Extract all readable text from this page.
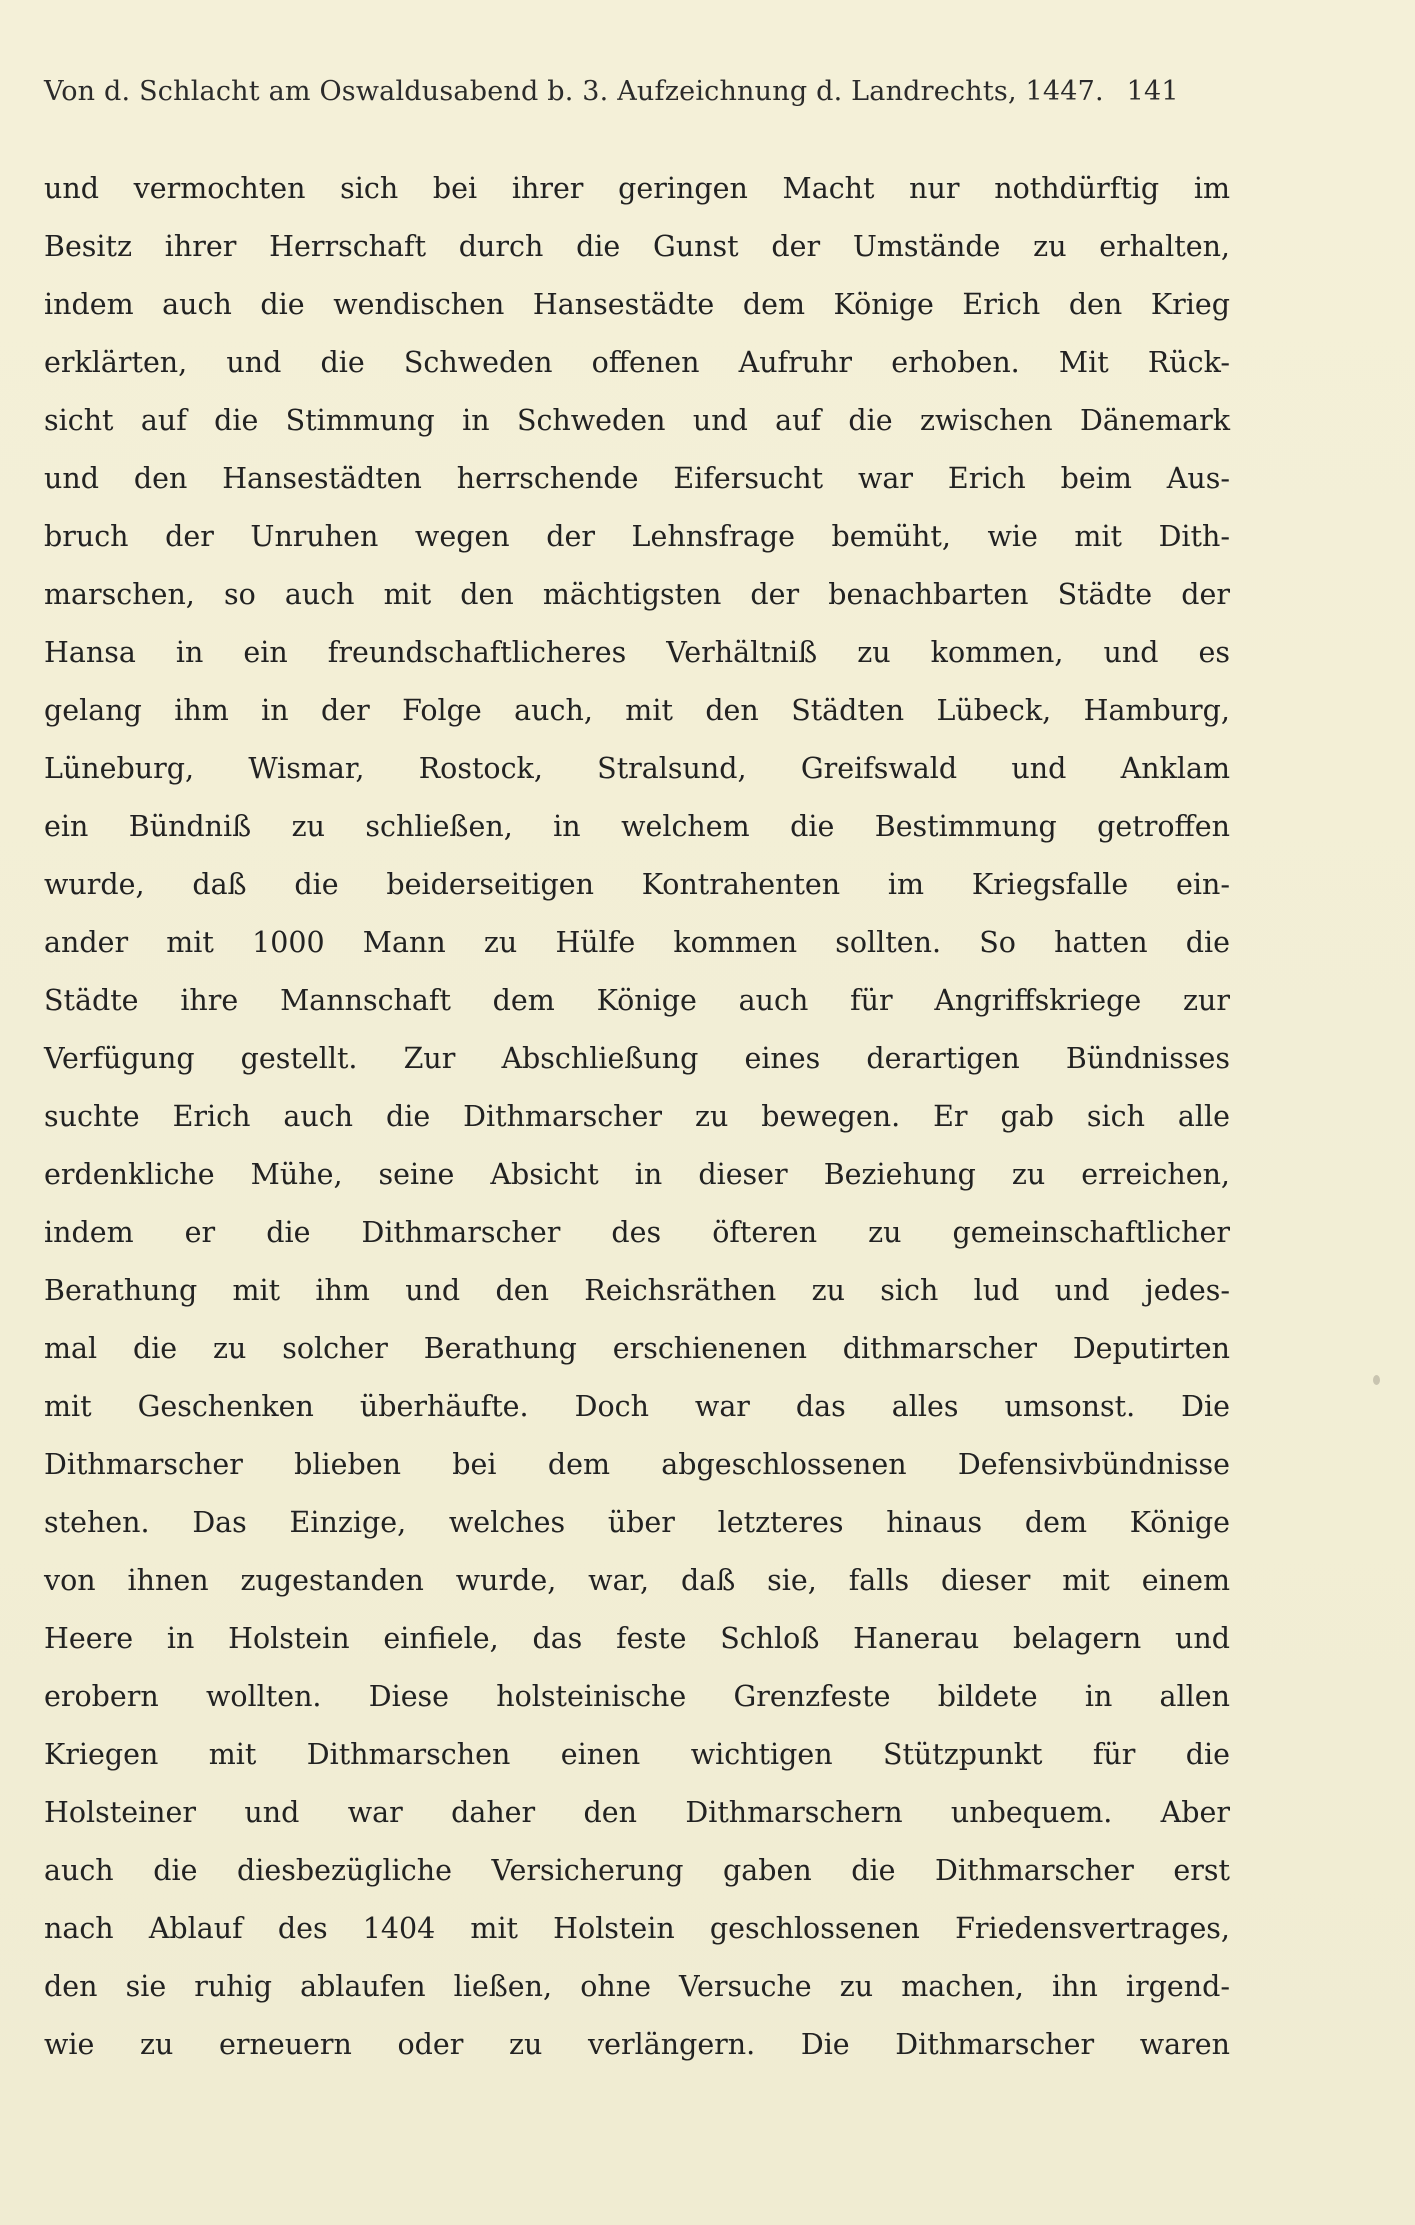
Von d. Schlacht am Oswaldusabend b. 3. Aufzeichnung d. Landrechts, 1447. 141
und vermochten sich bei ihrer geringen Macht nur nothdürftig im
Besitz ihrer Herrschaft durch die Gunst der Umstände zu erhalten,
indem auch die wendischen Hansestädte dem Könige Erich den Krieg
erklärten, und die Schweden offenen Aufruhr erhoben. Mit Rück-
sicht auf die Stimmung in Schweden und auf die zwischen Dänemark
und den Hansestädten herrschende Eifersucht war Erich beim Aus-
bruch der Unruhen wegen der Lehnsfrage bemüht, wie mit Dith-
marschen, so auch mit den mächtigsten der benachbarten Städte der
Hansa in ein freundschaftlicheres Verhältniß zu kommen, und es
gelang ihm in der Folge auch, mit den Städten Lübeck, Hamburg,
Lüneburg, Wismar, Rostock, Stralsund, Greifswald und Anklam
ein Bündniß zu schließen, in welchem die Bestimmung getroffen
wurde, daß die beiderseitigen Kontrahenten im Kriegsfalle ein-
ander mit 1000 Mann zu Hülfe kommen sollten. So hatten die
Städte ihre Mannschaft dem Könige auch für Angriffskriege zur
Verfügung gestellt. Zur Abschließung eines derartigen Bündnisses
suchte Erich auch die Dithmarscher zu bewegen. Er gab sich alle
erdenkliche Mühe, seine Absicht in dieser Beziehung zu erreichen,
indem er die Dithmarscher des öfteren zu gemeinschaftlicher
Berathung mit ihm und den Reichsräthen zu sich lud und jedes-
mal die zu solcher Berathung erschienenen dithmarscher Deputirten
mit Geschenken überhäufte. Doch war das alles umsonst. Die
Dithmarscher blieben bei dem abgeschlossenen Defensivbündnisse
stehen. Das Einzige, welches über letzteres hinaus dem Könige
von ihnen zugestanden wurde, war, daß sie, falls dieser mit einem
Heere in Holstein einfiele, das feste Schloß Hanerau belagern und
erobern wollten. Diese holsteinische Grenzfeste bildete in allen
Kriegen mit Dithmarschen einen wichtigen Stützpunkt für die
Holsteiner und war daher den Dithmarschern unbequem. Aber
auch die diesbezügliche Versicherung gaben die Dithmarscher erst
nach Ablauf des 1404 mit Holstein geschlossenen Friedensvertrages,
den sie ruhig ablaufen ließen, ohne Versuche zu machen, ihn irgend-
wie zu erneuern oder zu verlängern. Die Dithmarscher waren
